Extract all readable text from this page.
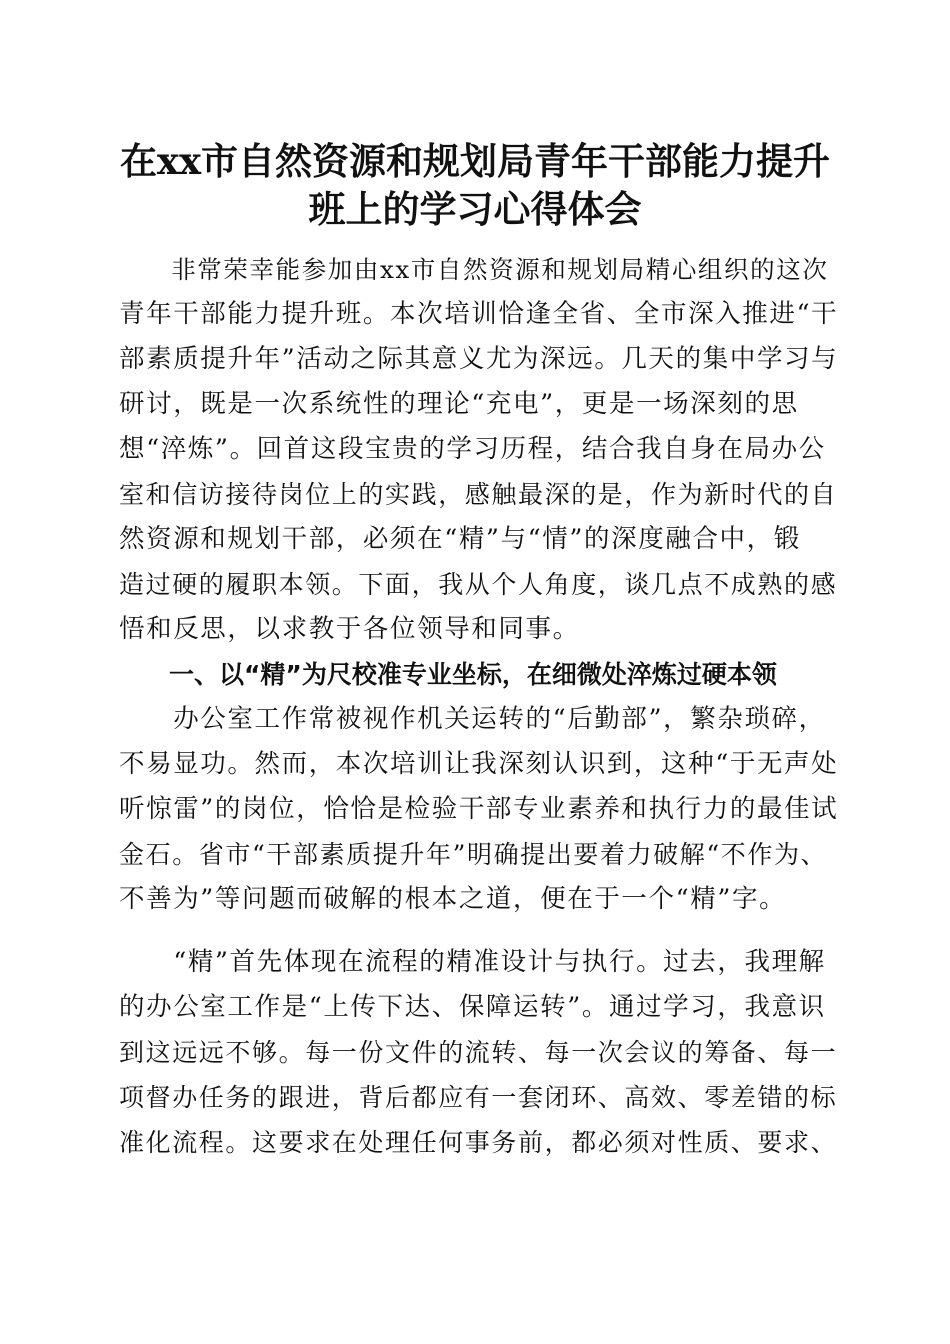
在xx市自然资源和规划局青年干部能力提升
班上的学习心得体会

　　非常荣幸能参加由xx市自然资源和规划局精心组织的这次

青年干部能力提升班。本次培训恰逢全省、全市深入推进“干

部素质提升年”活动之际其意义尤为深远。几天的集中学习与

研讨，既是一次系统性的理论“充电”，更是一场深刻的思

想“淬炼”。回首这段宝贵的学习历程，结合我自身在局办公

室和信访接待岗位上的实践，感触最深的是，作为新时代的自

然资源和规划干部，必须在“精”与“情”的深度融合中，锻

造过硬的履职本领。下面，我从个人角度，谈几点不成熟的感

悟和反思，以求教于各位领导和同事。

　　一、以“精”为尺校准专业坐标，在细微处淬炼过硬本领

　　办公室工作常被视作机关运转的“后勤部”，繁杂琐碎，

不易显功。然而，本次培训让我深刻认识到，这种“于无声处

听惊雷”的岗位，恰恰是检验干部专业素养和执行力的最佳试

金石。省市“干部素质提升年”明确提出要着力破解“不作为、

不善为”等问题而破解的根本之道，便在于一个“精”字。

　　“精”首先体现在流程的精准设计与执行。过去，我理解

的办公室工作是“上传下达、保障运转”。通过学习，我意识

到这远远不够。每一份文件的流转、每一次会议的筹备、每一

项督办任务的跟进，背后都应有一套闭环、高效、零差错的标

准化流程。这要求在处理任何事务前，都必须对性质、要求、
